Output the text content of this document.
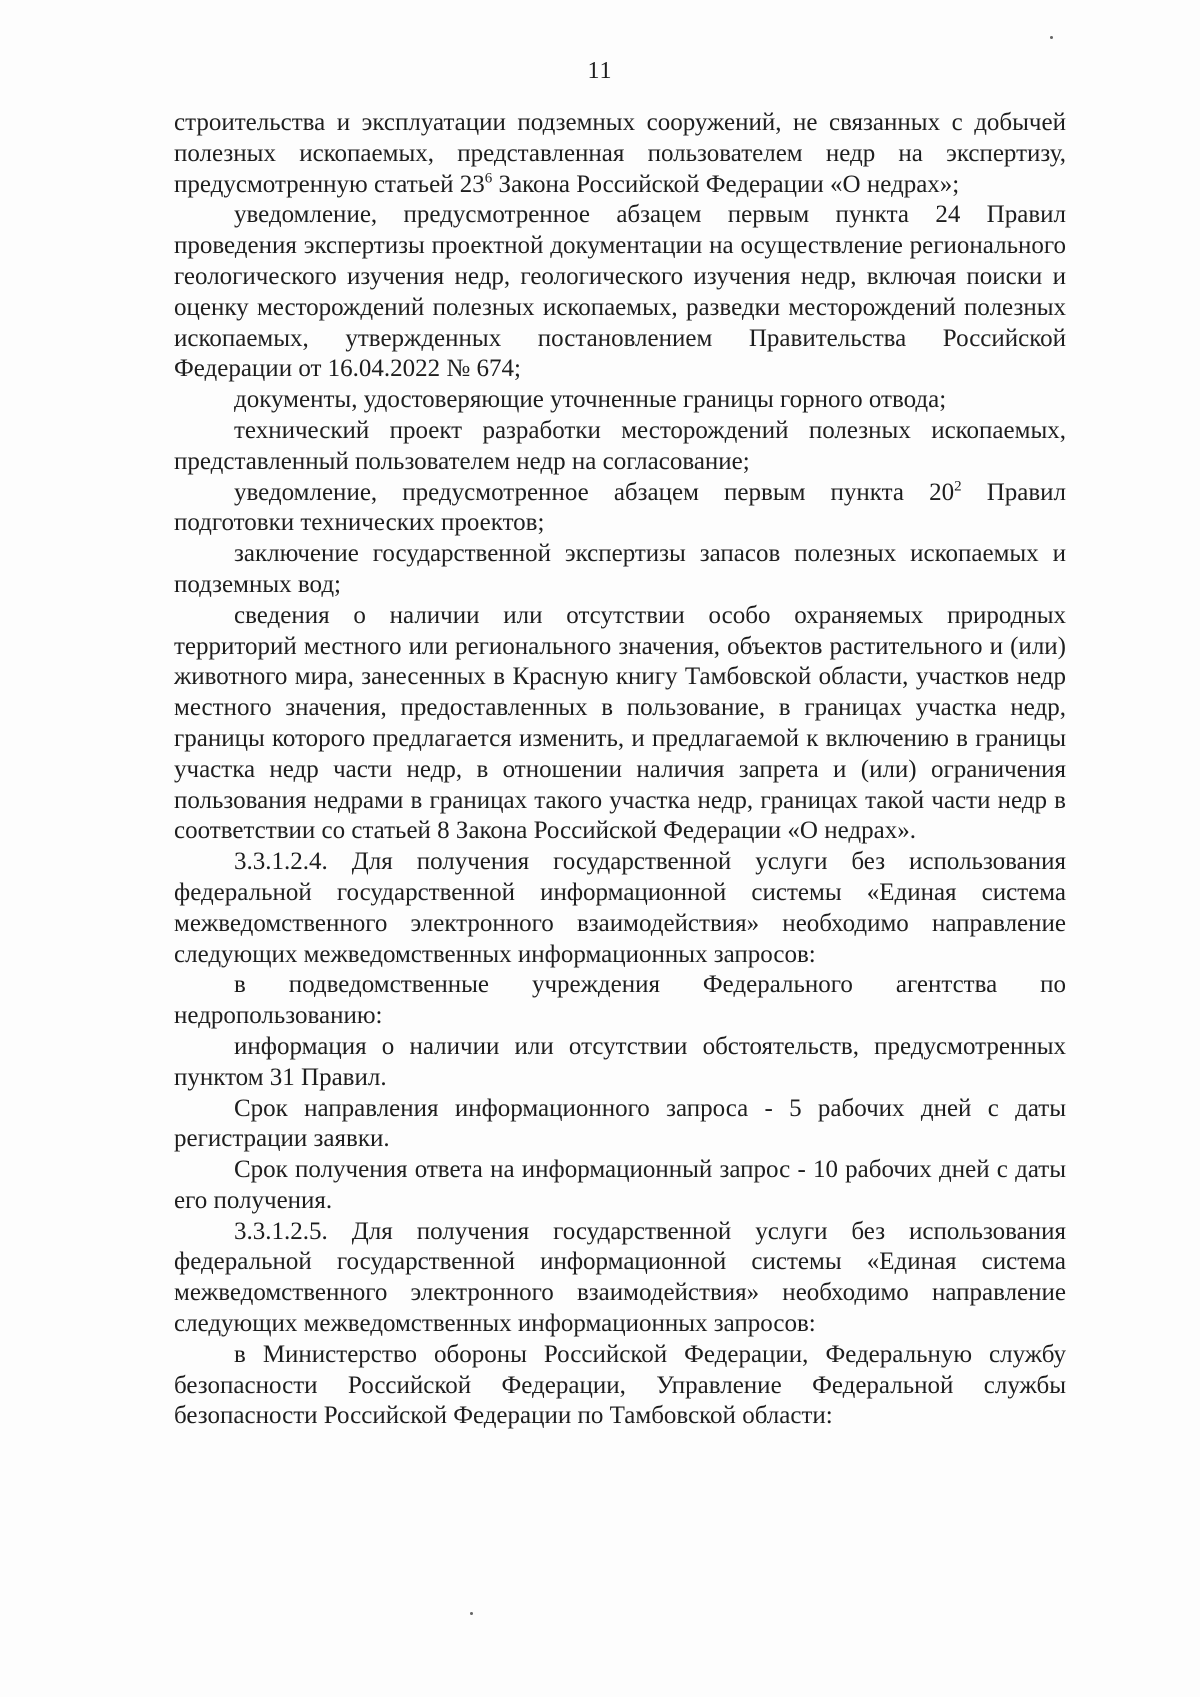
11

строительства и эксплуатации подземных сооружений, не связанных с добычей полезных ископаемых, представленная пользователем недр на экспертизу, предусмотренную статьей $23^6$ Закона Российской Федерации «О недрах»;

уведомление, предусмотренное абзацем первым пункта 24 Правил проведения экспертизы проектной документации на осуществление регионального геологического изучения недр, геологического изучения недр, включая поиски и оценку месторождений полезных ископаемых, разведки месторождений полезных ископаемых, утвержденных постановлением Правительства Российской Федерации от 16.04.2022 № 674;

документы, удостоверяющие уточненные границы горного отвода;

технический проект разработки месторождений полезных ископаемых, представленный пользователем недр на согласование;

уведомление, предусмотренное абзацем первым пункта $20^2$ Правил подготовки технических проектов;

заключение государственной экспертизы запасов полезных ископаемых и подземных вод;

сведения о наличии или отсутствии особо охраняемых природных территорий местного или регионального значения, объектов растительного и (или) животного мира, занесенных в Красную книгу Тамбовской области, участков недр местного значения, предоставленных в пользование, в границах участка недр, границы которого предлагается изменить, и предлагаемой к включению в границы участка недр части недр, в отношении наличия запрета и (или) ограничения пользования недрами в границах такого участка недр, границах такой части недр в соответствии со статьей 8 Закона Российской Федерации «О недрах».

3.3.1.2.4. Для получения государственной услуги без использования федеральной государственной информационной системы «Единая система межведомственного электронного взаимодействия» необходимо направление следующих межведомственных информационных запросов:

в подведомственные учреждения Федерального агентства по недропользованию:

информация о наличии или отсутствии обстоятельств, предусмотренных пунктом 31 Правил.

Срок направления информационного запроса - 5 рабочих дней с даты регистрации заявки.

Срок получения ответа на информационный запрос - 10 рабочих дней с даты его получения.

3.3.1.2.5. Для получения государственной услуги без использования федеральной государственной информационной системы «Единая система межведомственного электронного взаимодействия» необходимо направление следующих межведомственных информационных запросов:

в Министерство обороны Российской Федерации, Федеральную службу безопасности Российской Федерации, Управление Федеральной службы безопасности Российской Федерации по Тамбовской области:
